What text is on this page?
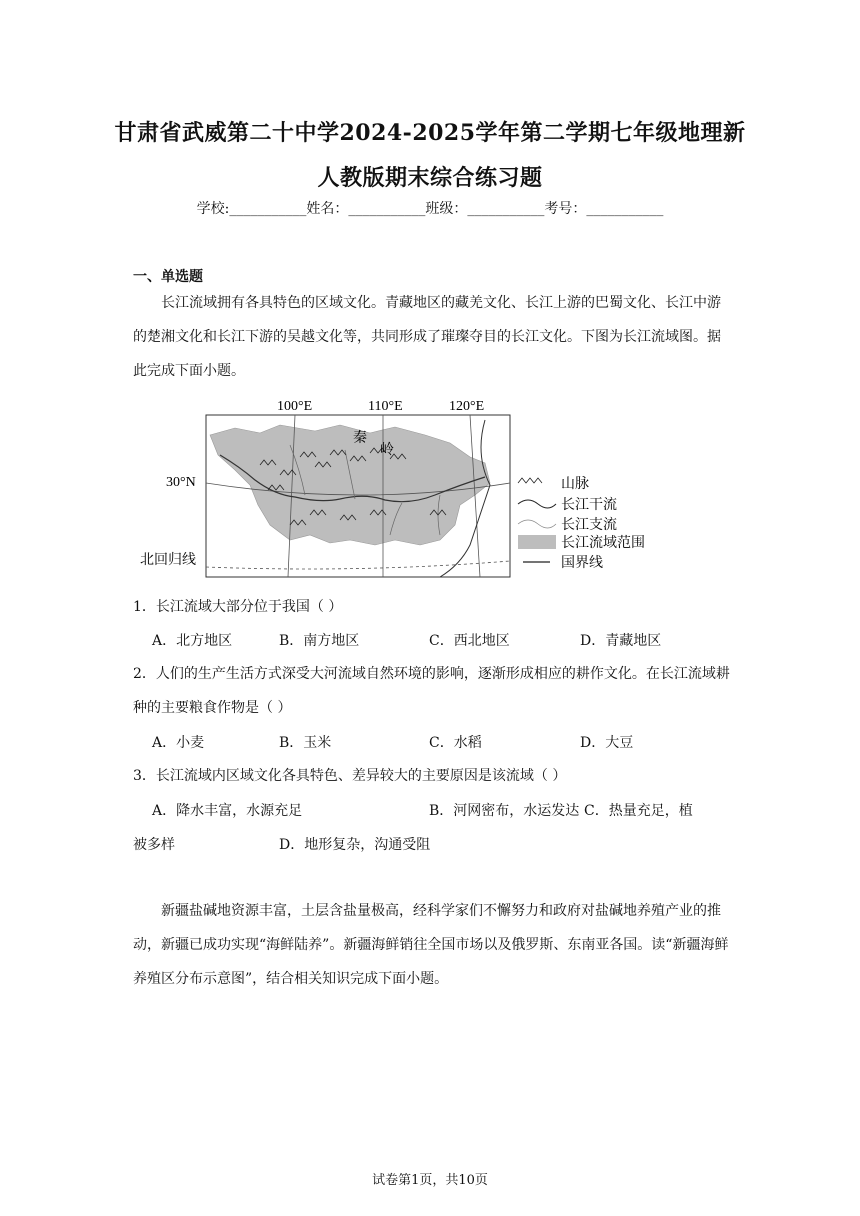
甘肃省武威第二十中学2024-2025学年第二学期七年级地理新
人教版期末综合练习题
学校:___________姓名：___________班级：___________考号：___________
一、单选题
长江流域拥有各具特色的区域文化。青藏地区的藏羌文化、长江上游的巴蜀文化、长江中游的楚湘文化和长江下游的吴越文化等，共同形成了璀璨夺目的长江文化。下图为长江流域图。据此完成下面小题。
100°E	110°E	120°E
30°N
北回归线
秦
岭
山脉
长江干流
长江支流
长江流域范围
国界线
1．长江流域大部分位于我国（ ）
A．北方地区	B．南方地区	C．西北地区	D．青藏地区
2．人们的生产生活方式深受大河流域自然环境的影响，逐渐形成相应的耕作文化。在长江流域耕种的主要粮食作物是（ ）
A．小麦	B．玉米	C．水稻	D．大豆
3．长江流域内区域文化各具特色、差异较大的主要原因是该流域（ ）
A．降水丰富，水源充足	B．河网密布，水运发达 C．热量充足，植
被多样	D．地形复杂，沟通受阻
新疆盐碱地资源丰富，土层含盐量极高，经科学家们不懈努力和政府对盐碱地养殖产业的推动，新疆已成功实现“海鲜陆养”。新疆海鲜销往全国市场以及俄罗斯、东南亚各国。读“新疆海鲜养殖区分布示意图”，结合相关知识完成下面小题。
试卷第1页，共10页
